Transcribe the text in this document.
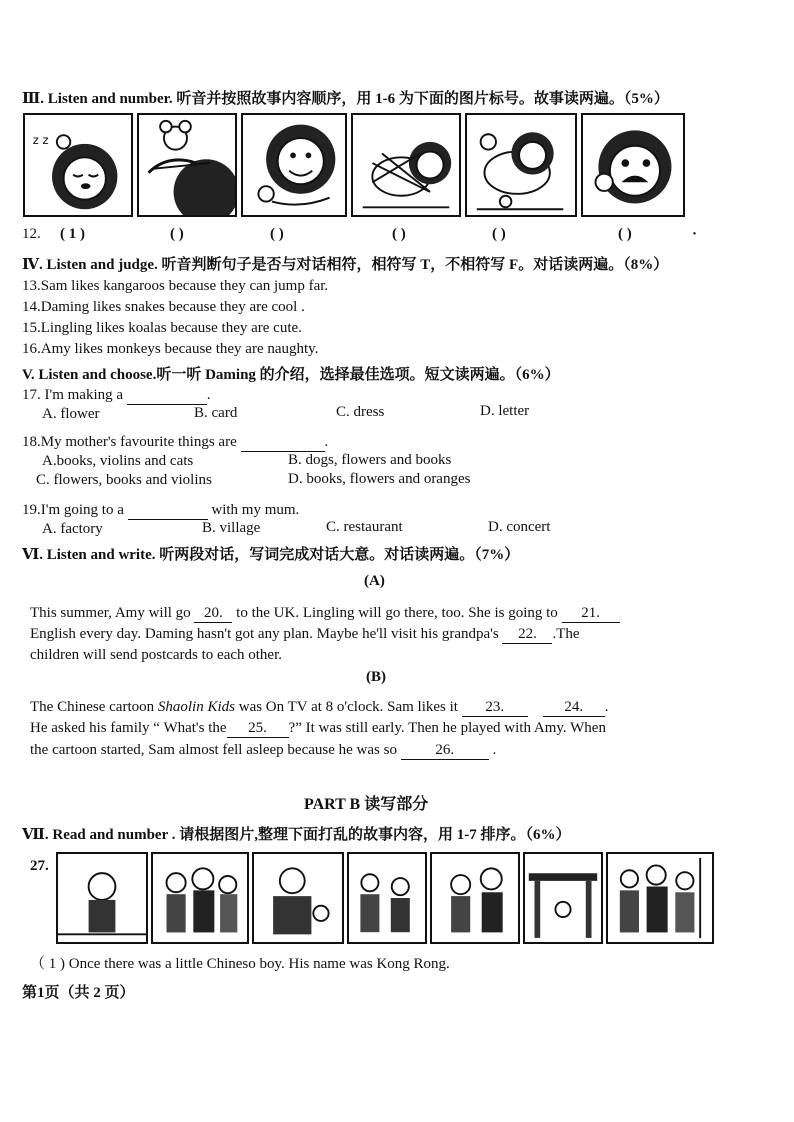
Ⅲ. Listen and number. 听音并按照故事内容顺序，用 1-6 为下面的图片标号。故事读两遍。（5%）
z z
12. ( 1 )	( )	( )	( )	( )	( )	·
Ⅳ. Listen and judge. 听音判断句子是否与对话相符，相符写 T，不相符写 F。对话读两遍。（8%）
13.Sam likes kangaroos because they can jump far.
14.Daming likes snakes because they are cool .
15.Lingling likes koalas because they are cute.
16.Amy likes monkeys because they are naughty.
V. Listen and choose.听一听 Daming 的介绍，选择最佳选项。短文读两遍。（6%）
17. I'm making a	.
A. flower	B. card	C. dress	D. letter
18.My mother's favourite things are	.
A.books, violins and cats	B. dogs, flowers and books
C. flowers, books and violins	D. books, flowers and oranges
19.I'm going to a	with my mum.
A. factory	B. village	C. restaurant	D. concert
Ⅵ. Listen and write. 听两段对话，写词完成对话大意。对话读两遍。（7%）
(A)
This summer, Amy will go 20. to the UK. Lingling will go there, too. She is going to 21.
English every day. Daming hasn't got any plan. Maybe he'll visit his grandpa's 22. .The
children will send postcards to each other.
(B)
The Chinese cartoon Shaolin Kids was On TV at 8 o'clock. Sam likes it 23.	24. .
He asked his family “ What's the 25. ?” It was still early. Then he played with Amy. When
the cartoon started, Sam almost fell asleep because he was so	26.	.
PART B 读写部分
Ⅶ. Read and number . 请根据图片,整理下面打乱的故事内容，用 1-7 排序。（6%）
27.
（ 1 ) Once there was a little Chineso boy. His name was Kong Rong.
第1页（共 2 页）
